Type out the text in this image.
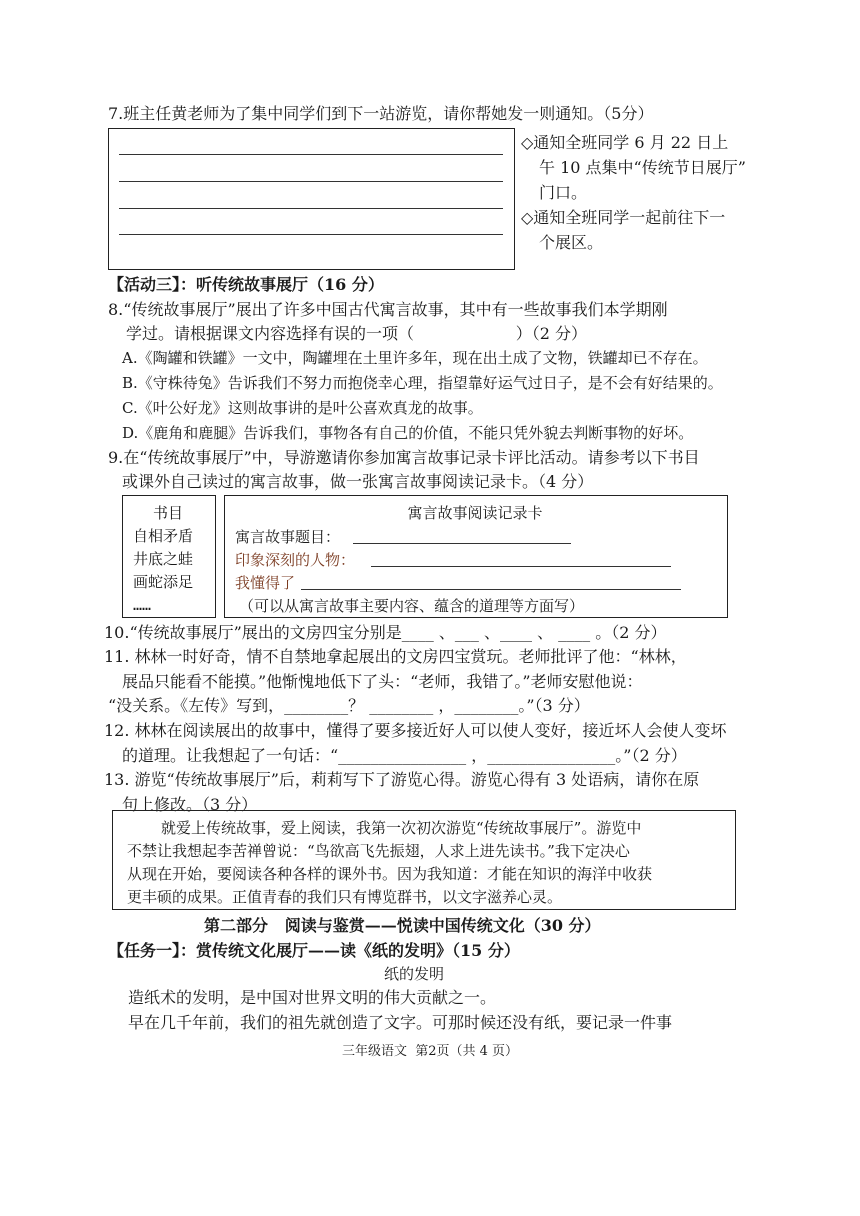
7.班主任黄老师为了集中同学们到下一站游览，请你帮她发一则通知。（5分）
◇通知全班同学 6 月 22 日上
午 10 点集中“传统节日展厅”
门口。
◇通知全班同学一起前往下一
个展区。
【活动三】：听传统故事展厅（16 分）
8.“传统故事展厅”展出了许多中国古代寓言故事，其中有一些故事我们本学期刚
学过。请根据课文内容选择有误的一项（                    ）（2 分）
A.《陶罐和铁罐》一文中，陶罐埋在土里许多年，现在出土成了文物，铁罐却已不存在。
B.《守株待兔》告诉我们不努力而抱侥幸心理，指望靠好运气过日子，是不会有好结果的。
C.《叶公好龙》这则故事讲的是叶公喜欢真龙的故事。
D.《鹿角和鹿腿》告诉我们，事物各有自己的价值，不能只凭外貌去判断事物的好坏。
9.在“传统故事展厅”中，导游邀请你参加寓言故事记录卡评比活动。请参考以下书目
或课外自己读过的寓言故事，做一张寓言故事阅读记录卡。（4 分）
书目
自相矛盾
井底之蛙
画蛇添足
……
寓言故事阅读记录卡
寓言故事题目：
印象深刻的人物：
我懂得了
（可以从寓言故事主要内容、蕴含的道理等方面写）
10.“传统故事展厅”展出的文房四宝分别是____ 、___ 、____ 、 ____ 。（2 分）
11. 林林一时好奇，情不自禁地拿起展出的文房四宝赏玩。老师批评了他：“林林，
展品只能看不能摸。”他惭愧地低下了头：“老师，我错了。”老师安慰他说：
“没关系。《左传》写到，________？ ________ ，________。”（3 分）
12. 林林在阅读展出的故事中，懂得了要多接近好人可以使人变好，接近坏人会使人变坏
的道理。让我想起了一句话：“________________ ，________________。”（2 分）
13. 游览“传统故事展厅”后，莉莉写下了游览心得。游览心得有 3 处语病，请你在原
句上修改。（3 分）
就爱上传统故事，爱上阅读，我第一次初次游览“传统故事展厅”。游览中
不禁让我想起李苦禅曾说：“鸟欲高飞先振翅，人求上进先读书。”我下定决心
从现在开始，要阅读各种各样的课外书。因为我知道：才能在知识的海洋中收获
更丰硕的成果。正值青春的我们只有博览群书，以文字滋养心灵。
第二部分   阅读与鉴赏——悦读中国传统文化（30 分）
【任务一】：赏传统文化展厅——读《纸的发明》（15 分）
纸的发明
造纸术的发明，是中国对世界文明的伟大贡献之一。
早在几千年前，我们的祖先就创造了文字。可那时候还没有纸，要记录一件事
三年级语文  第2页（共 4 页）
